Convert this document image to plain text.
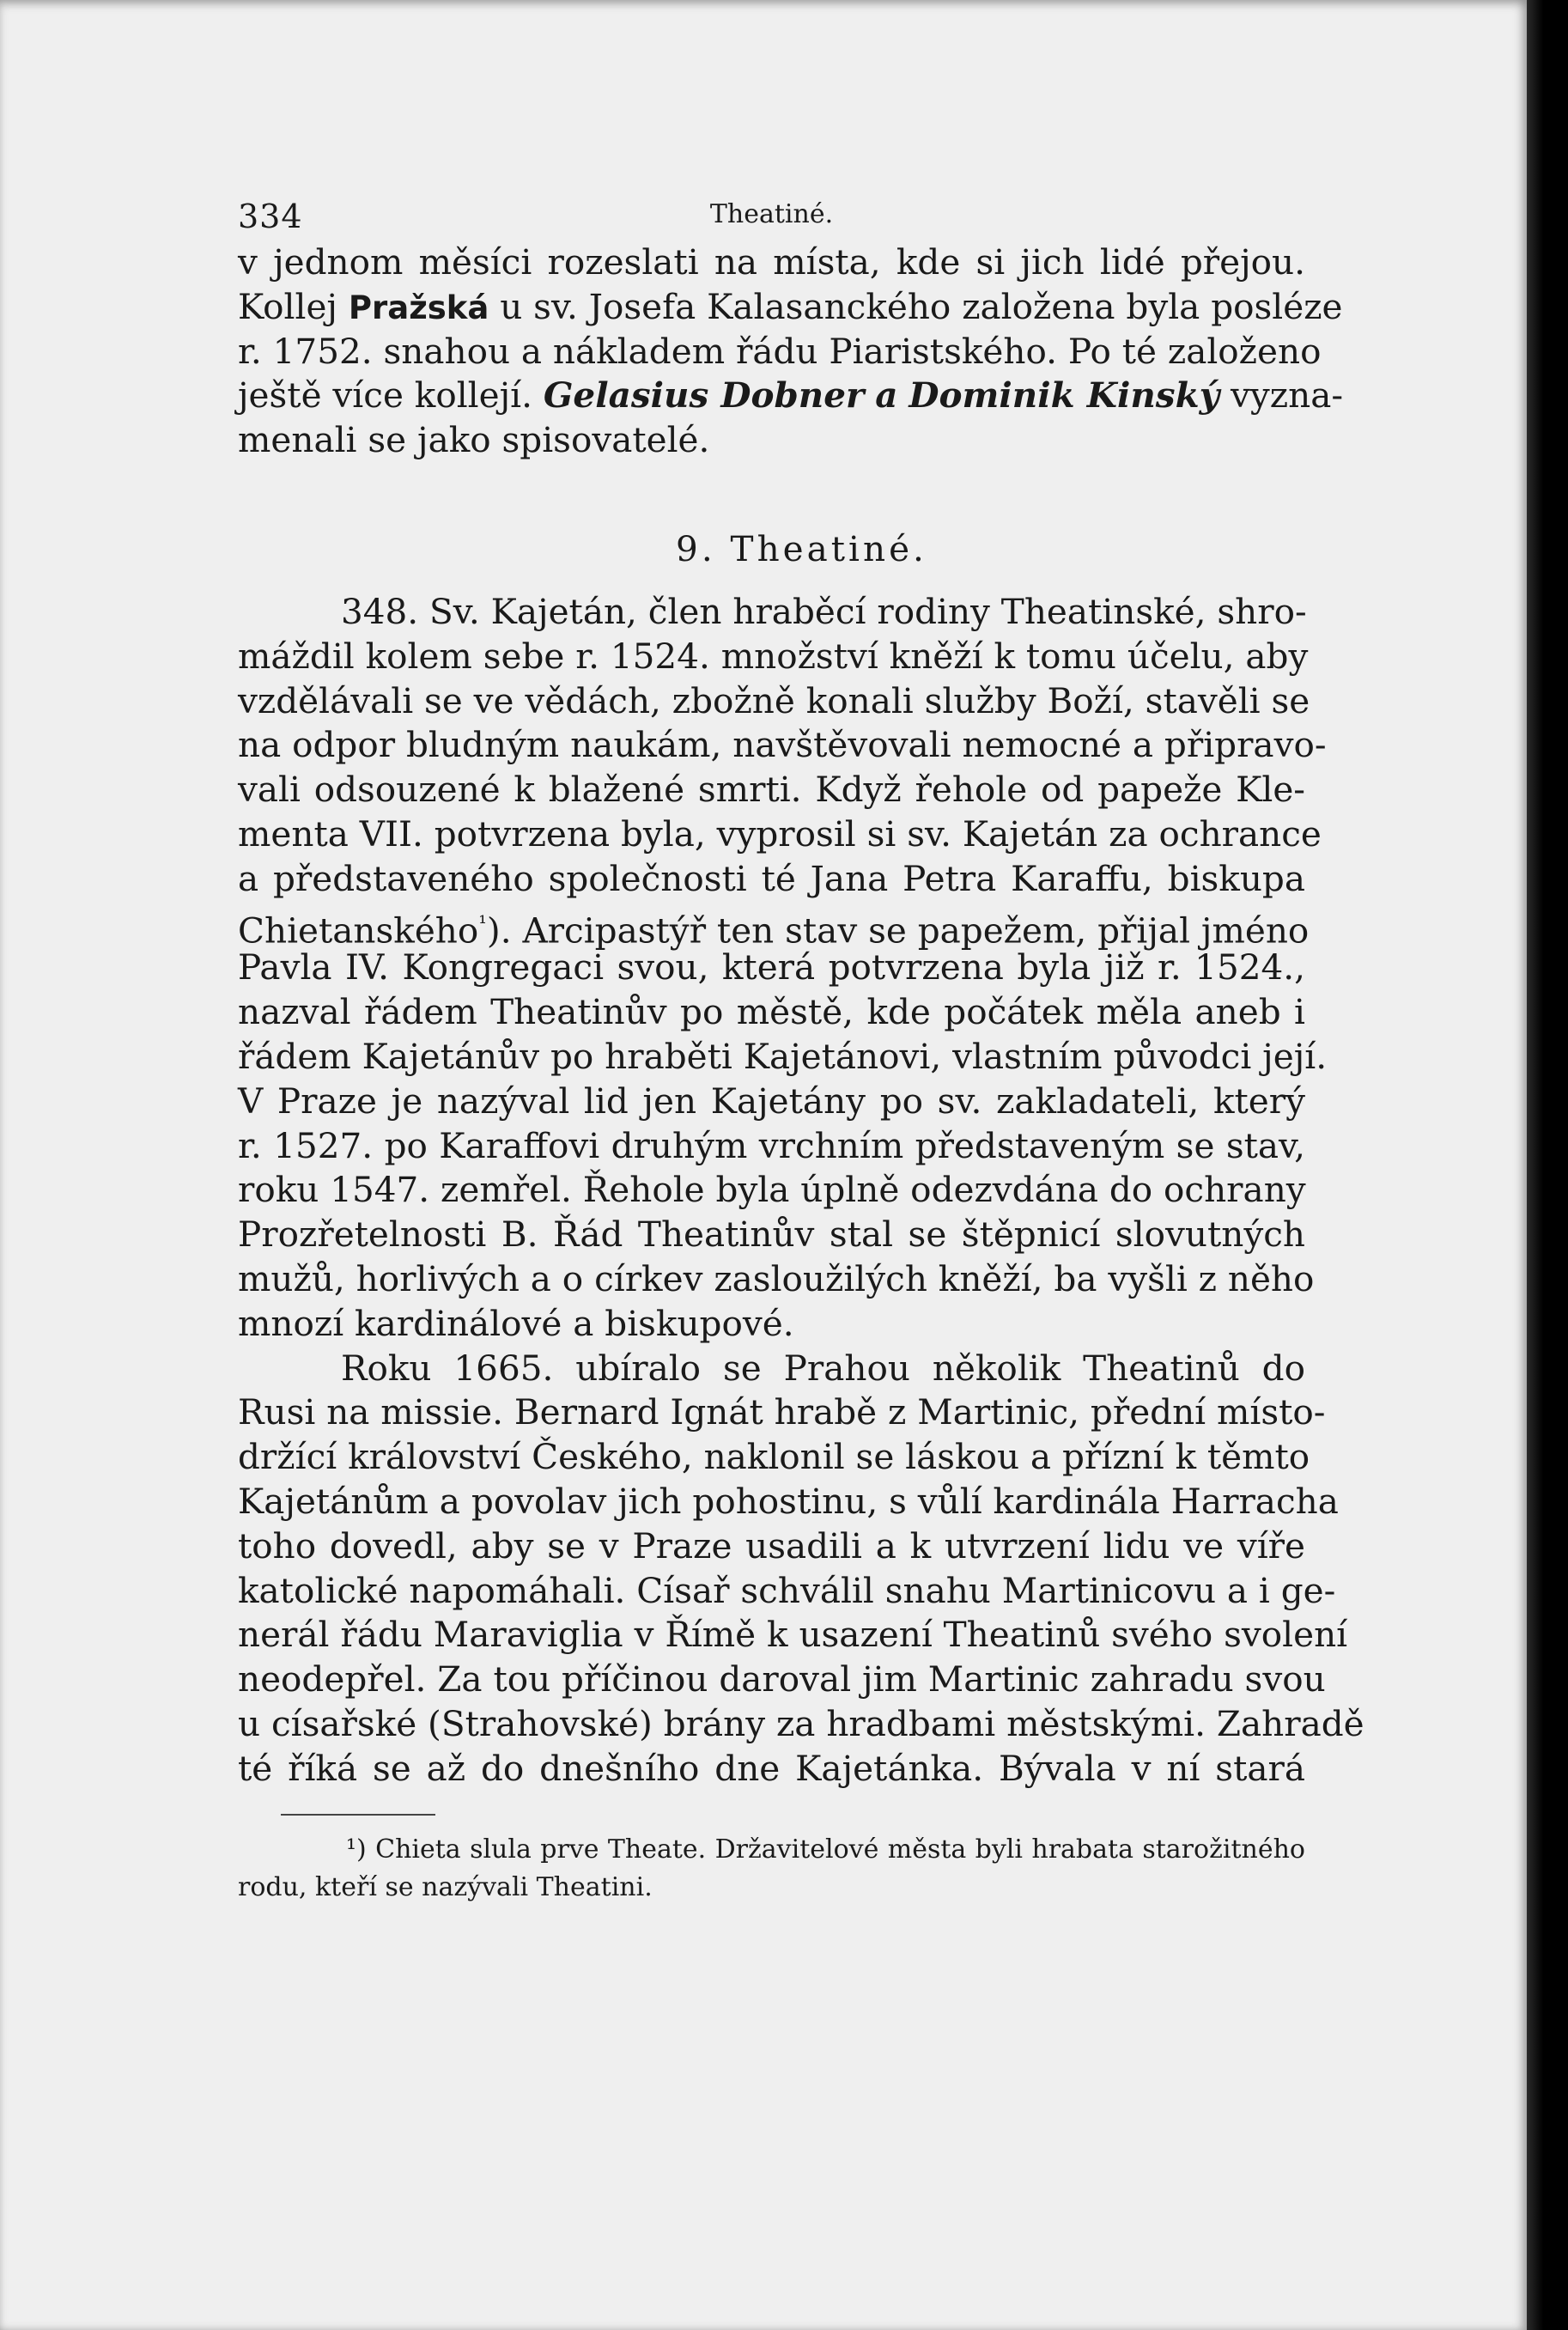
334	Theatiné.
v jednom měsíci rozeslati na místa, kde si jich lidé přejou.
Kollej Pražská u sv. Josefa Kalasanckého založena byla posléze
r. 1752. snahou a nákladem řádu Piaristského. Po té založeno
ještě více kollejí. Gelasius Dobner a Dominik Kinský vyzna-
menali se jako spisovatelé.
9. Theatiné.
348. Sv. Kajetán, člen hraběcí rodiny Theatinské, shro-
máždil kolem sebe r. 1524. množství kněží k tomu účelu, aby
vzdělávali se ve vědách, zbožně konali služby Boží, stavěli se
na odpor bludným naukám, navštěvovali nemocné a připravo-
vali odsouzené k blažené smrti. Když řehole od papeže Kle-
menta VII. potvrzena byla, vyprosil si sv. Kajetán za ochrance
a představeného společnosti té Jana Petra Karaffu, biskupa
Chietanského$^{^1}$). Arcipastýř ten stav se papežem, přijal jméno
Pavla IV. Kongregaci svou, která potvrzena byla již r. 1524.,
nazval řádem Theatinův po městě, kde počátek měla aneb i
řádem Kajetánův po hraběti Kajetánovi, vlastním původci její.
V Praze je nazýval lid jen Kajetány po sv. zakladateli, který
r. 1527. po Karaffovi druhým vrchním představeným se stav,
roku 1547. zemřel. Řehole byla úplně odezvdána do ochrany
Prozřetelnosti B. Řád Theatinův stal se štěpnicí slovutných
mužů, horlivých a o církev zasloužilých kněží, ba vyšli z něho
mnozí kardinálové a biskupové.
Roku 1665. ubíralo se Prahou několik Theatinů do
Rusi na missie. Bernard Ignát hrabě z Martinic, přední místo-
držící království Českého, naklonil se láskou a přízní k těmto
Kajetánům a povolav jich pohostinu, s vůlí kardinála Harracha
toho dovedl, aby se v Praze usadili a k utvrzení lidu ve víře
katolické napomáhali. Císař schválil snahu Martinicovu a i ge-
nerál řádu Maraviglia v Římě k usazení Theatinů svého svolení
neodepřel. Za tou příčinou daroval jim Martinic zahradu svou
u císařské (Strahovské) brány za hradbami městskými. Zahradě
té říká se až do dnešního dne Kajetánka. Bývala v ní stará
¹) Chieta slula prve Theate. Državitelové města byli hrabata starožitného
rodu, kteří se nazývali Theatini.
